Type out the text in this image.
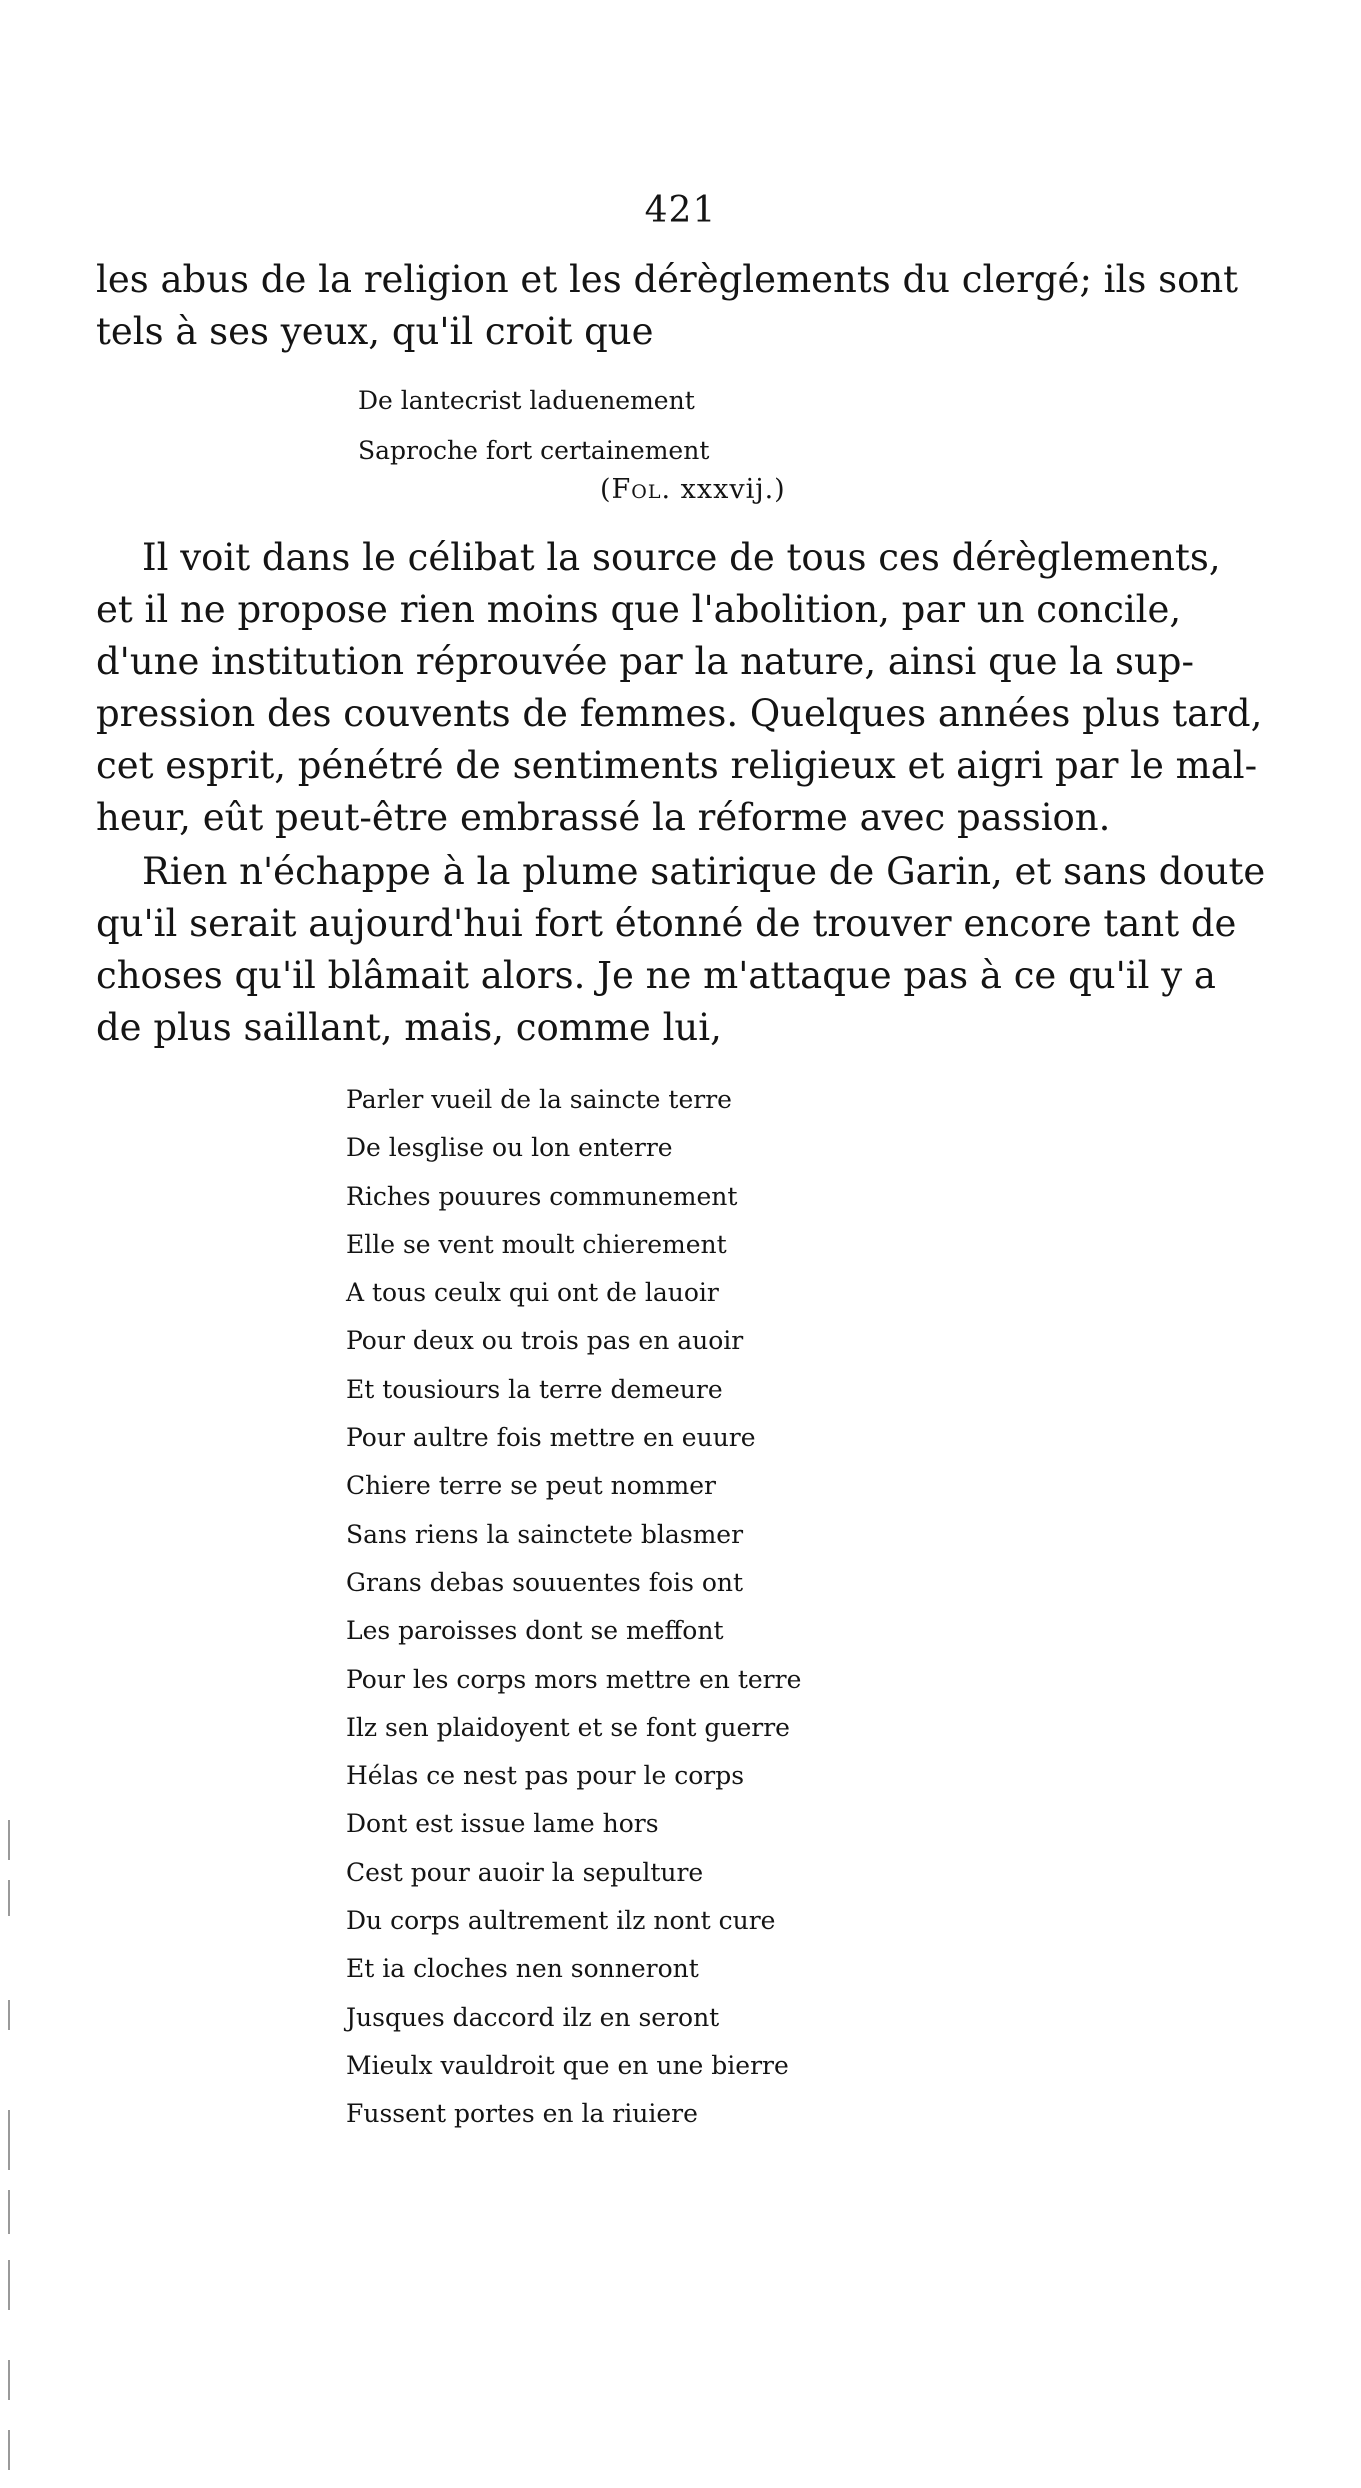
421

les abus de la religion et les dérèglements du clergé; ils sont
tels à ses yeux, qu'il croit que

De lantecrist laduenement
Saproche fort certainement
(Fol. xxxvij.)

Il voit dans le célibat la source de tous ces dérèglements,
et il ne propose rien moins que l'abolition, par un concile,
d'une institution réprouvée par la nature, ainsi que la sup-
pression des couvents de femmes. Quelques années plus tard,
cet esprit, pénétré de sentiments religieux et aigri par le mal-
heur, eût peut-être embrassé la réforme avec passion.

Rien n'échappe à la plume satirique de Garin, et sans doute
qu'il serait aujourd'hui fort étonné de trouver encore tant de
choses qu'il blâmait alors. Je ne m'attaque pas à ce qu'il y a
de plus saillant, mais, comme lui,

Parler vueil de la saincte terre
De lesglise ou lon enterre
Riches pouures communement
Elle se vent moult chierement
A tous ceulx qui ont de lauoir
Pour deux ou trois pas en auoir
Et tousiours la terre demeure
Pour aultre fois mettre en euure
Chiere terre se peut nommer
Sans riens la sainctete blasmer
Grans debas souuentes fois ont
Les paroisses dont se meffont
Pour les corps mors mettre en terre
Ilz sen plaidoyent et se font guerre
Hélas ce nest pas pour le corps
Dont est issue lame hors
Cest pour auoir la sepulture
Du corps aultrement ilz nont cure
Et ia cloches nen sonneront
Jusques daccord ilz en seront
Mieulx vauldroit que en une bierre
Fussent portes en la riuiere
